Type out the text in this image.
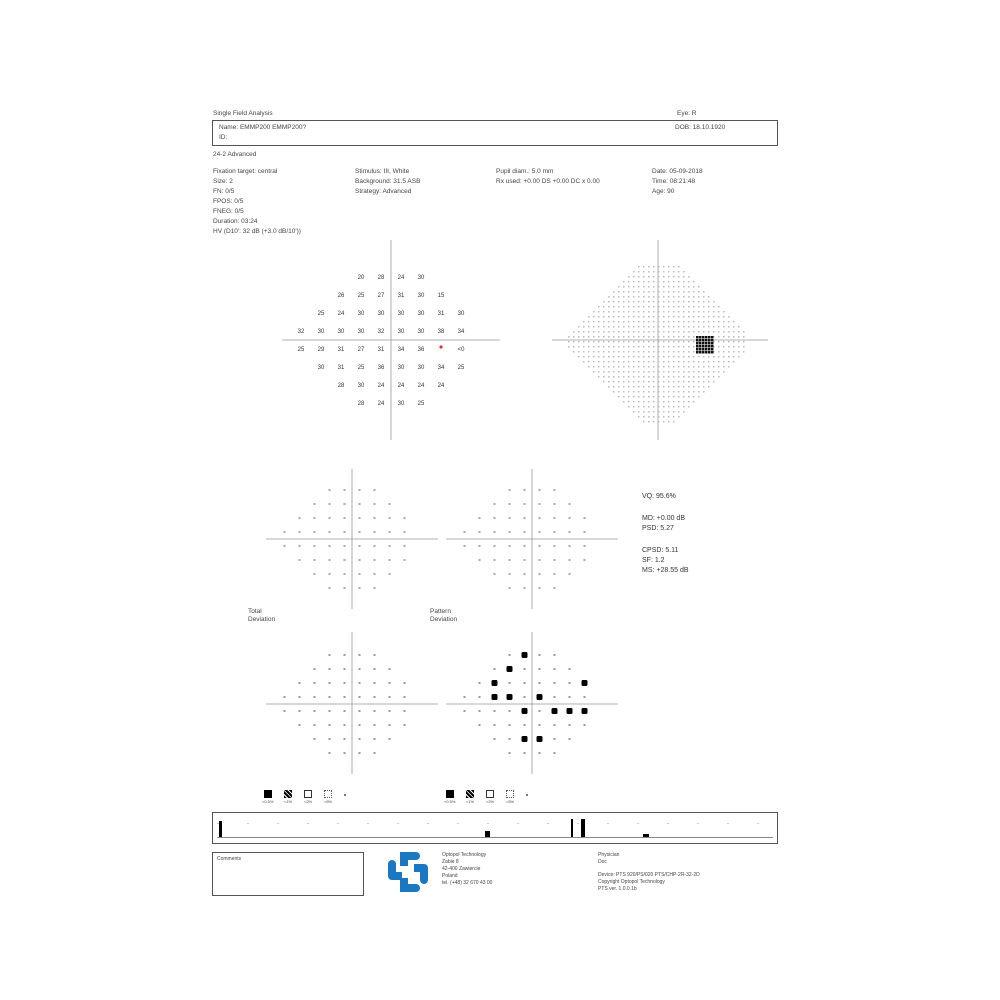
Single Field Analysis	Eye: R
Name: EMMP200 EMMP200?
ID:
DOB: 18.10.1920
24-2 Advanced
Fixation target: central
Size: 2
FN: 0/5
FPOS: 0/5
FNEG: 0/5
Duration: 03:24
HV (D10': 32 dB (+3.0 dB/10'))
Stimulus: III, White
Background: 31.5 ASB
Strategy: Advanced
Pupil diam.: 5.0 mm
Rx used: +0.00 DS +0.00 DC x 0.00
Date: 05-09-2018
Time: 08:21:48
Age: 90
20 28 24 30
26 25 27 31 30 15
25 24 30 30 30 30 31 30
32 30 30 30 32 30 30 38 34
25 29 31 27 31 34 36	<0
30 31 25 36 30 30 34 25
28 30 24 24 24 24
28 24 30 25
VQ: 95.6%
MD: +0.00 dB
PSD: 5.27
CPSD: 5.11
SF: 1.2
MS: +28.55 dB
Total
Deviation
Pattern
Deviation
<0.5%	<1%	<2%	<5%	<0.5%	<1%	<2%	<5%
Comments
Optopol Technology
Zabie 8
42-400 Zawiercie
Poland
tel. (+48) 32 670 43 00
Physician
Doc
Device: PTS 920/PS/020 PTS/CHP-2R-32-2D
Copyright Optopol Technology
PTS ver. 1.0.0.1b
